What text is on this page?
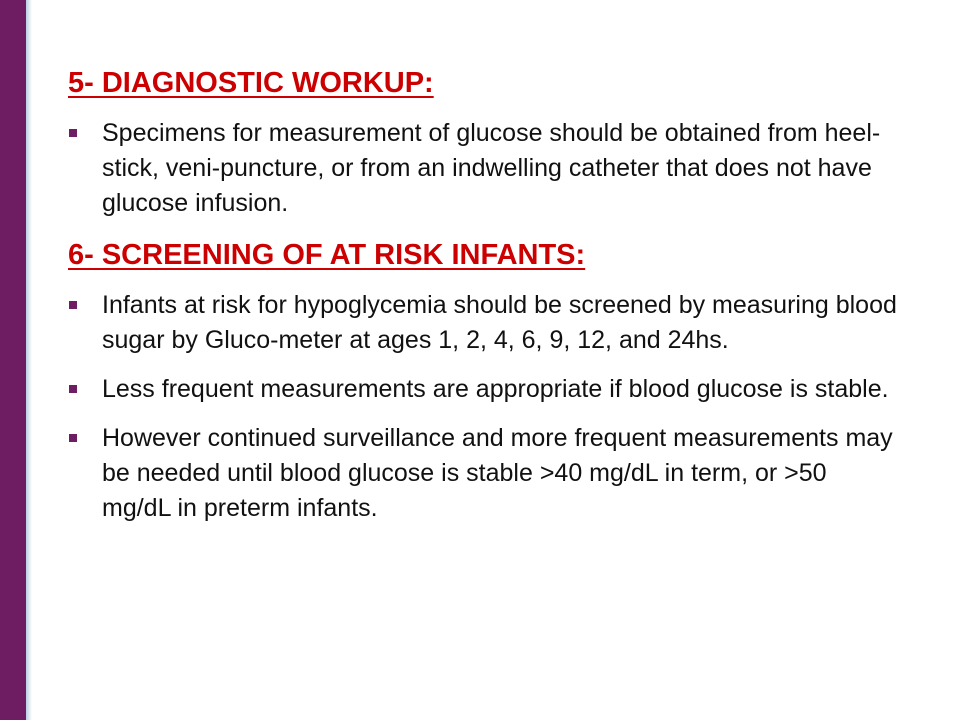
5- DIAGNOSTIC WORKUP:
Specimens for measurement of glucose should be obtained from heel-stick, veni-puncture, or from an indwelling catheter that does not have glucose infusion.
6- SCREENING OF AT RISK INFANTS:
Infants at risk for hypoglycemia should be screened by measuring blood sugar by Gluco-meter at ages 1, 2, 4, 6, 9, 12, and 24hs.
Less frequent measurements are appropriate if blood glucose is stable.
However continued surveillance and more frequent measurements may be needed until blood glucose is stable >40 mg/dL in term, or >50 mg/dL in preterm infants.
